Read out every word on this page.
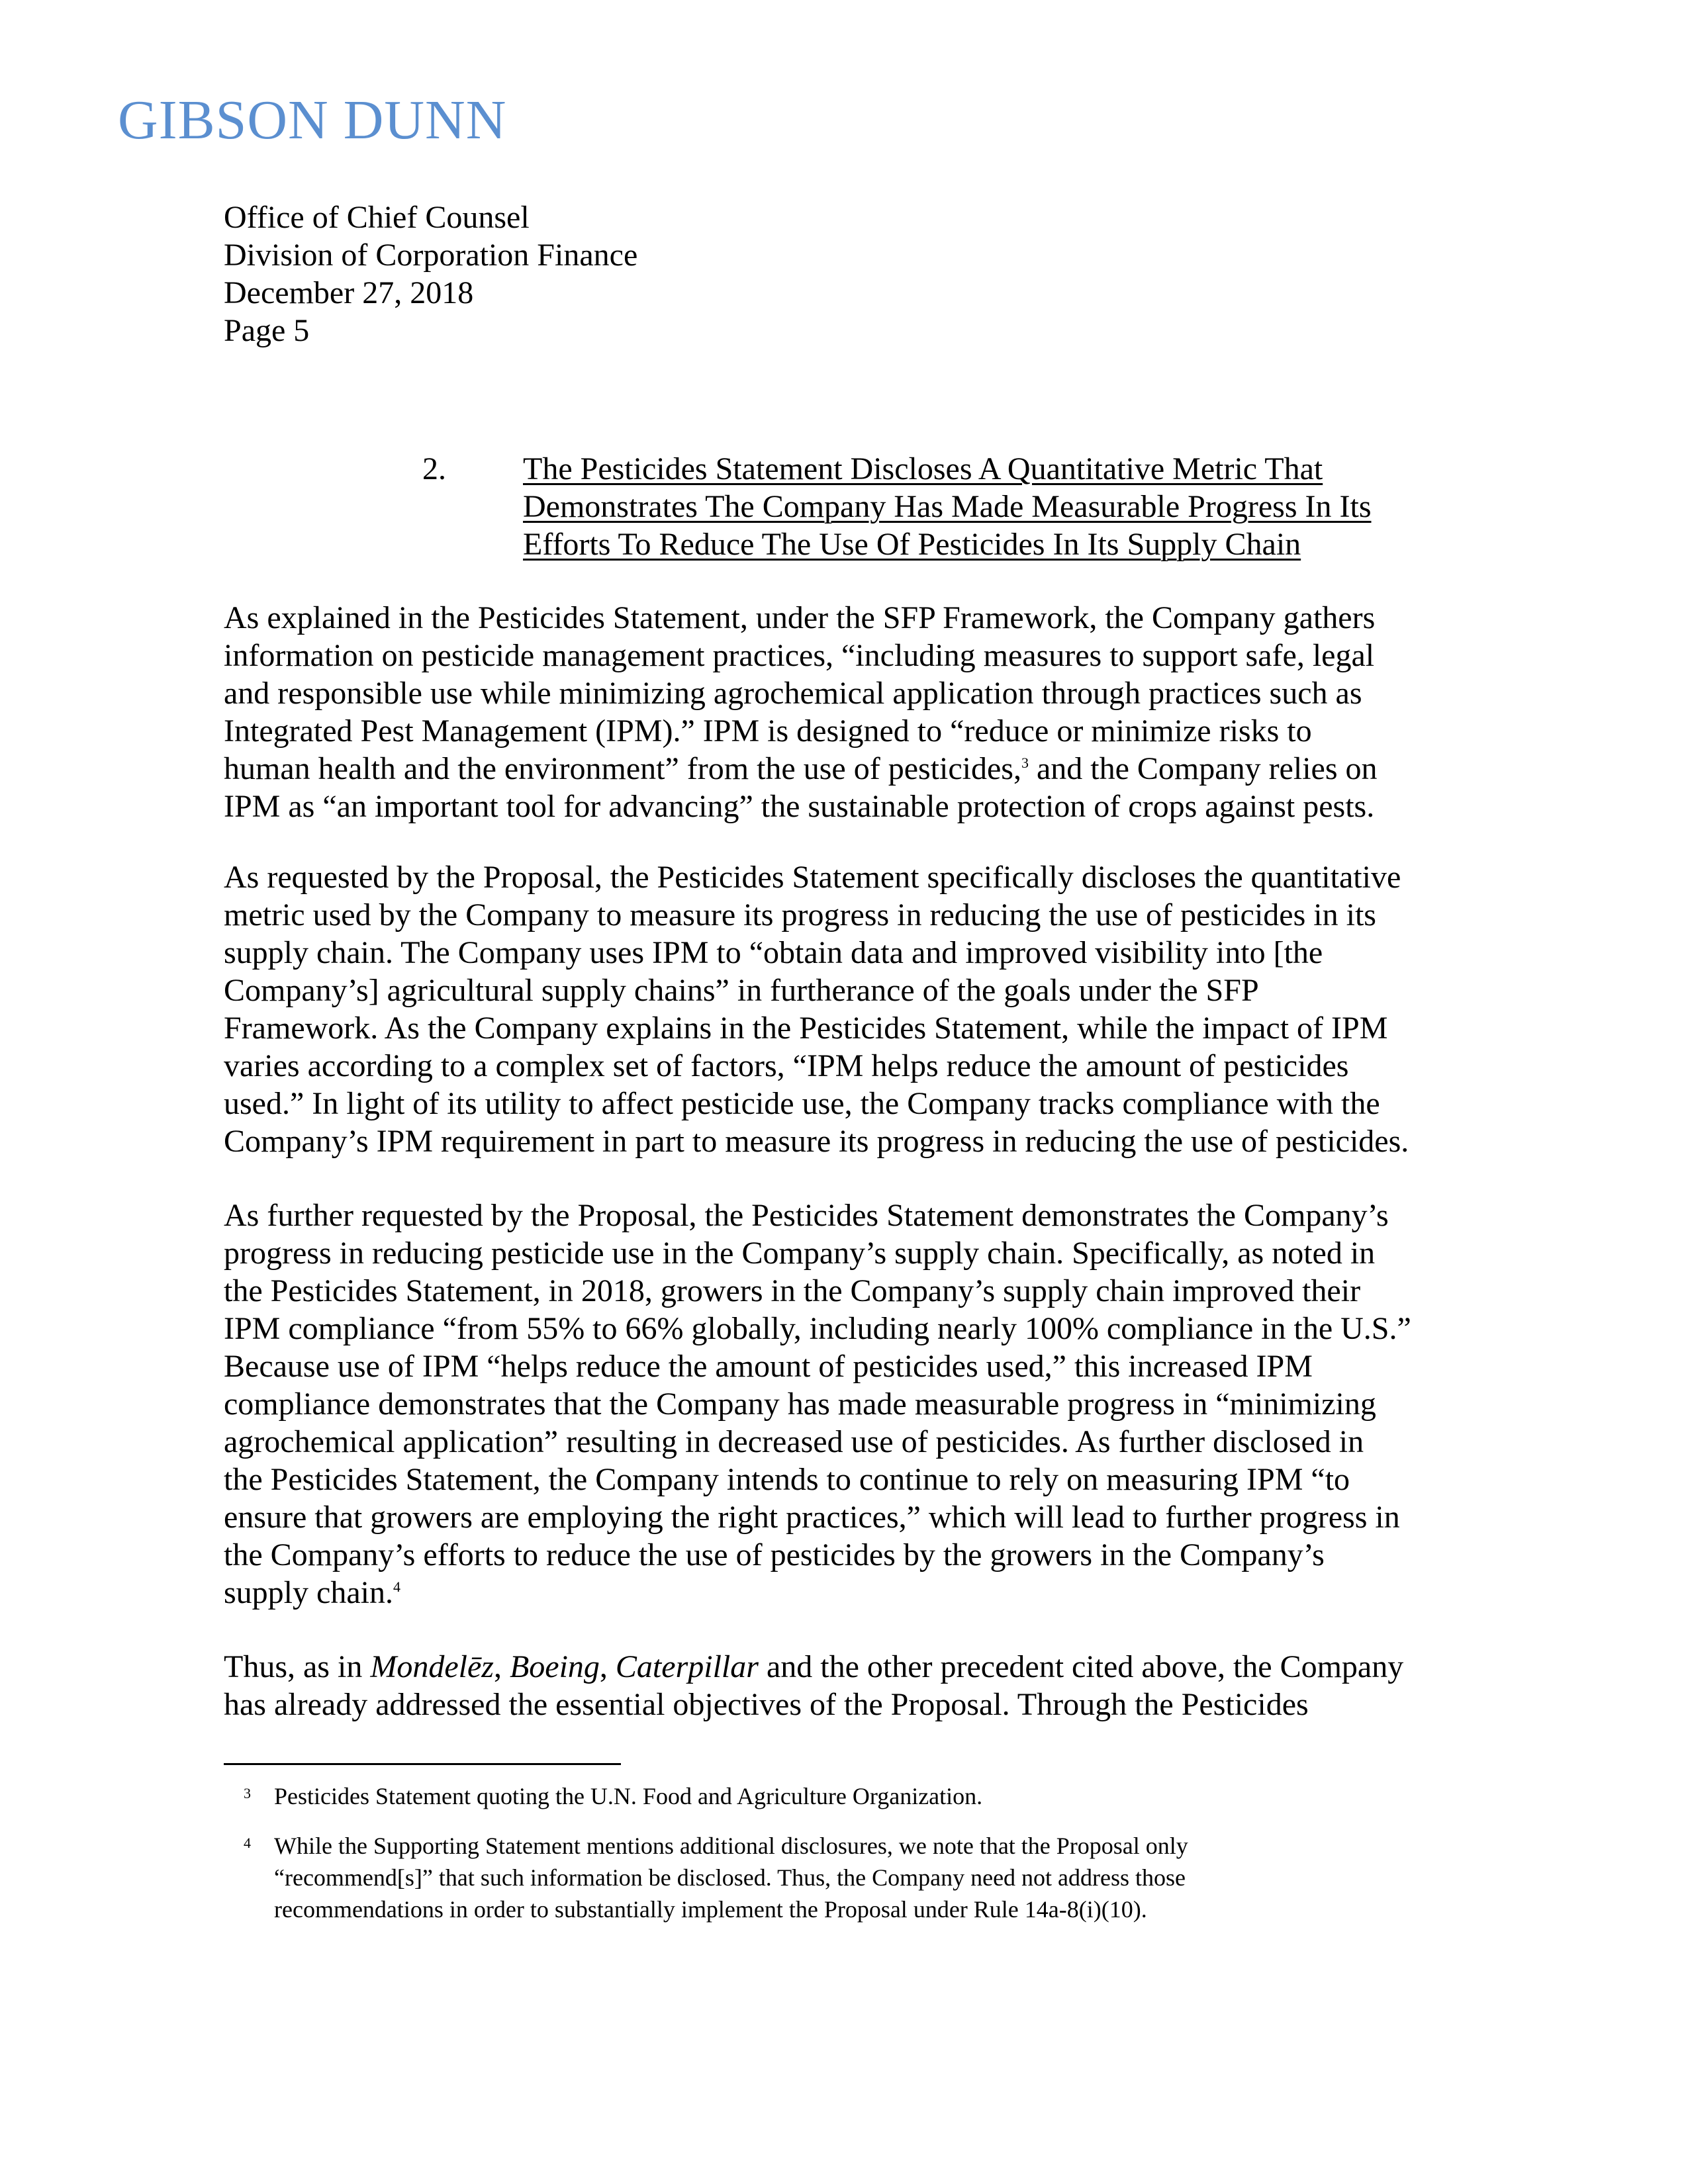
GIBSON DUNN
Office of Chief Counsel
Division of Corporation Finance
December 27, 2018
Page 5
2. The Pesticides Statement Discloses A Quantitative Metric That
Demonstrates The Company Has Made Measurable Progress In Its
Efforts To Reduce The Use Of Pesticides In Its Supply Chain
As explained in the Pesticides Statement, under the SFP Framework, the Company gathers
information on pesticide management practices, “including measures to support safe, legal
and responsible use while minimizing agrochemical application through practices such as
Integrated Pest Management (IPM).” IPM is designed to “reduce or minimize risks to
human health and the environment” from the use of pesticides,$^3$ and the Company relies on
IPM as “an important tool for advancing” the sustainable protection of crops against pests.
As requested by the Proposal, the Pesticides Statement specifically discloses the quantitative
metric used by the Company to measure its progress in reducing the use of pesticides in its
supply chain. The Company uses IPM to “obtain data and improved visibility into [the
Company’s] agricultural supply chains” in furtherance of the goals under the SFP
Framework. As the Company explains in the Pesticides Statement, while the impact of IPM
varies according to a complex set of factors, “IPM helps reduce the amount of pesticides
used.” In light of its utility to affect pesticide use, the Company tracks compliance with the
Company’s IPM requirement in part to measure its progress in reducing the use of pesticides.
As further requested by the Proposal, the Pesticides Statement demonstrates the Company’s
progress in reducing pesticide use in the Company’s supply chain. Specifically, as noted in
the Pesticides Statement, in 2018, growers in the Company’s supply chain improved their
IPM compliance “from 55% to 66% globally, including nearly 100% compliance in the U.S.”
Because use of IPM “helps reduce the amount of pesticides used,” this increased IPM
compliance demonstrates that the Company has made measurable progress in “minimizing
agrochemical application” resulting in decreased use of pesticides. As further disclosed in
the Pesticides Statement, the Company intends to continue to rely on measuring IPM “to
ensure that growers are employing the right practices,” which will lead to further progress in
the Company’s efforts to reduce the use of pesticides by the growers in the Company’s
supply chain.$^4$
Thus, as in Mondelēz, Boeing, Caterpillar and the other precedent cited above, the Company
has already addressed the essential objectives of the Proposal. Through the Pesticides
3 Pesticides Statement quoting the U.N. Food and Agriculture Organization.
4 While the Supporting Statement mentions additional disclosures, we note that the Proposal only
“recommend[s]” that such information be disclosed. Thus, the Company need not address those
recommendations in order to substantially implement the Proposal under Rule 14a-8(i)(10).
